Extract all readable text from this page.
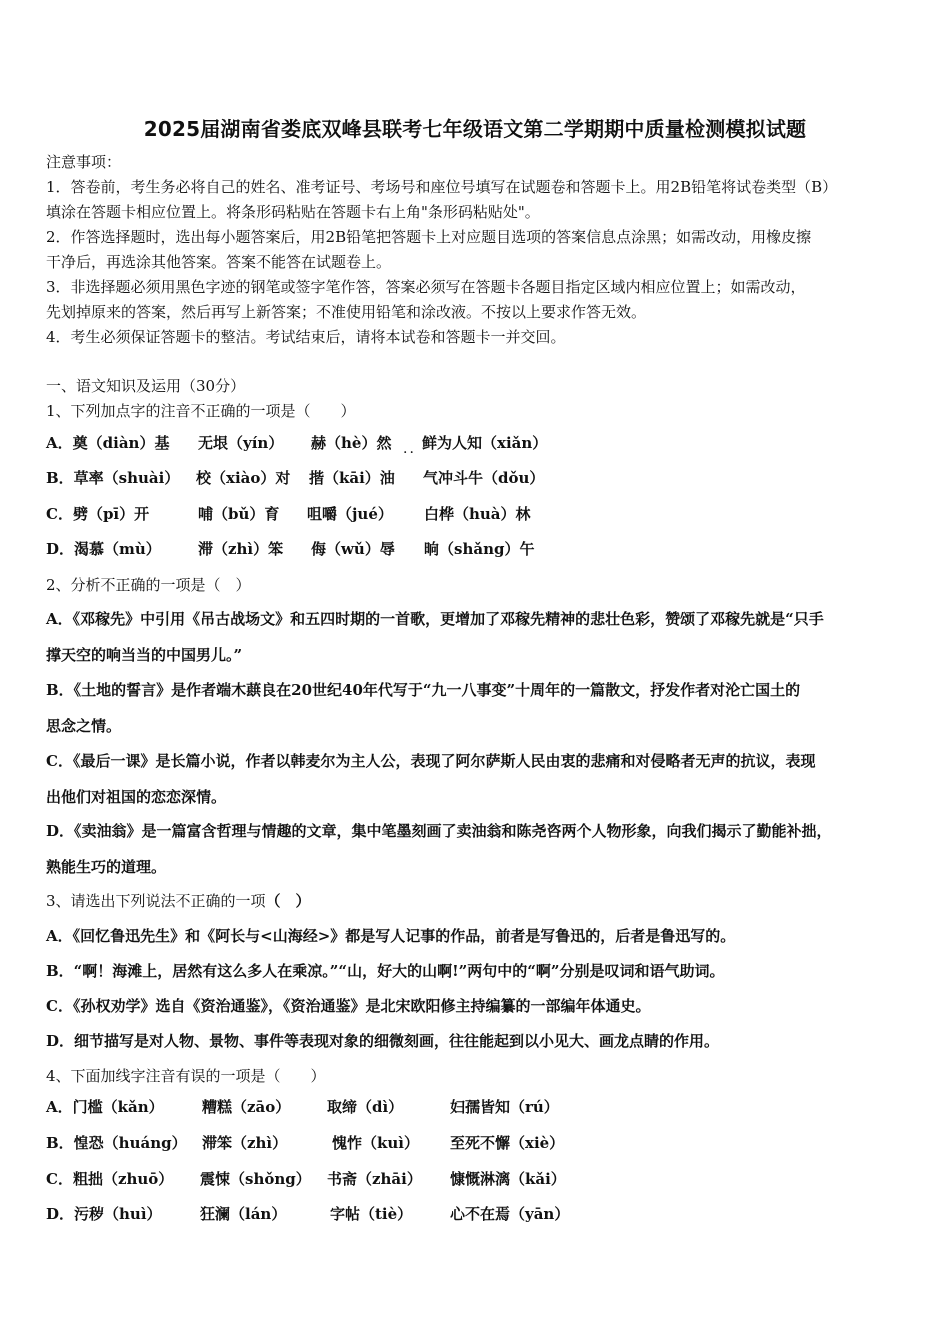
2025届湖南省娄底双峰县联考七年级语文第二学期期中质量检测模拟试题
注意事项：
1．答卷前，考生务必将自己的姓名、准考证号、考场号和座位号填写在试题卷和答题卡上。用2B铅笔将试卷类型（B）
填涂在答题卡相应位置上。将条形码粘贴在答题卡右上角"条形码粘贴处"。
2．作答选择题时，选出每小题答案后，用2B铅笔把答题卡上对应题目选项的答案信息点涂黑；如需改动，用橡皮擦
干净后，再选涂其他答案。答案不能答在试题卷上。
3．非选择题必须用黑色字迹的钢笔或签字笔作答，答案必须写在答题卡各题目指定区域内相应位置上；如需改动，
先划掉原来的答案，然后再写上新答案；不准使用铅笔和涂改液。不按以上要求作答无效。
4．考生必须保证答题卡的整洁。考试结束后，请将本试卷和答题卡一并交回。
一、语文知识及运用（30分）
1、下列加点字的注音不正确的一项是（　　）
A．奠（diàn）基 无垠（yín） 赫（hè）然 鲜为人知（xiǎn）
··
B．草率（shuài） 校（xiào）对 揩（kāi）油 气冲斗牛（dǒu）
C．劈（pī）开	哺（bǔ）育 咀嚼（jué） 白桦（huà）林
D．渴慕（mù） 滞（zhì）笨 侮（wǔ）辱 晌（shǎng）午
2、分析不正确的一项是（　）
A．《邓稼先》中引用《吊古战场文》和五四时期的一首歌，更增加了邓稼先精神的悲壮色彩，赞颂了邓稼先就是“只手
撑天空的响当当的中国男儿。”
B．《土地的誓言》是作者端木蕻良在20世纪40年代写于“九一八事变”十周年的一篇散文，抒发作者对沦亡国土的
思念之情。
C．《最后一课》是长篇小说，作者以韩麦尔为主人公，表现了阿尔萨斯人民由衷的悲痛和对侵略者无声的抗议，表现
出他们对祖国的恋恋深情。
D．《卖油翁》是一篇富含哲理与情趣的文章，集中笔墨刻画了卖油翁和陈尧咨两个人物形象，向我们揭示了勤能补拙，
熟能生巧的道理。
3、请选出下列说法不正确的一项（　）
A．《回忆鲁迅先生》和《阿长与<山海经>》都是写人记事的作品，前者是写鲁迅的，后者是鲁迅写的。
B．“啊！海滩上，居然有这么多人在乘凉。”“山，好大的山啊!”两句中的“啊”分别是叹词和语气助词。
C．《孙权劝学》选自《资治通鉴》，《资治通鉴》是北宋欧阳修主持编纂的一部编年体通史。
D．细节描写是对人物、景物、事件等表现对象的细微刻画，往往能起到以小见大、画龙点睛的作用。
4、下面加线字注音有误的一项是（　　）
A．门槛（kǎn）	糟糕（zāo） 取缔（dì）	妇孺皆知（rú）
B．惶恐（huáng） 滞笨（zhì）	愧怍（kuì） 至死不懈（xiè）
C．粗拙（zhuō） 震悚（shǒng） 书斋（zhāi） 慷慨淋漓（kǎi）
D．污秽（huì）	狂澜（lán）	字帖（tiè）	心不在焉（yān）
